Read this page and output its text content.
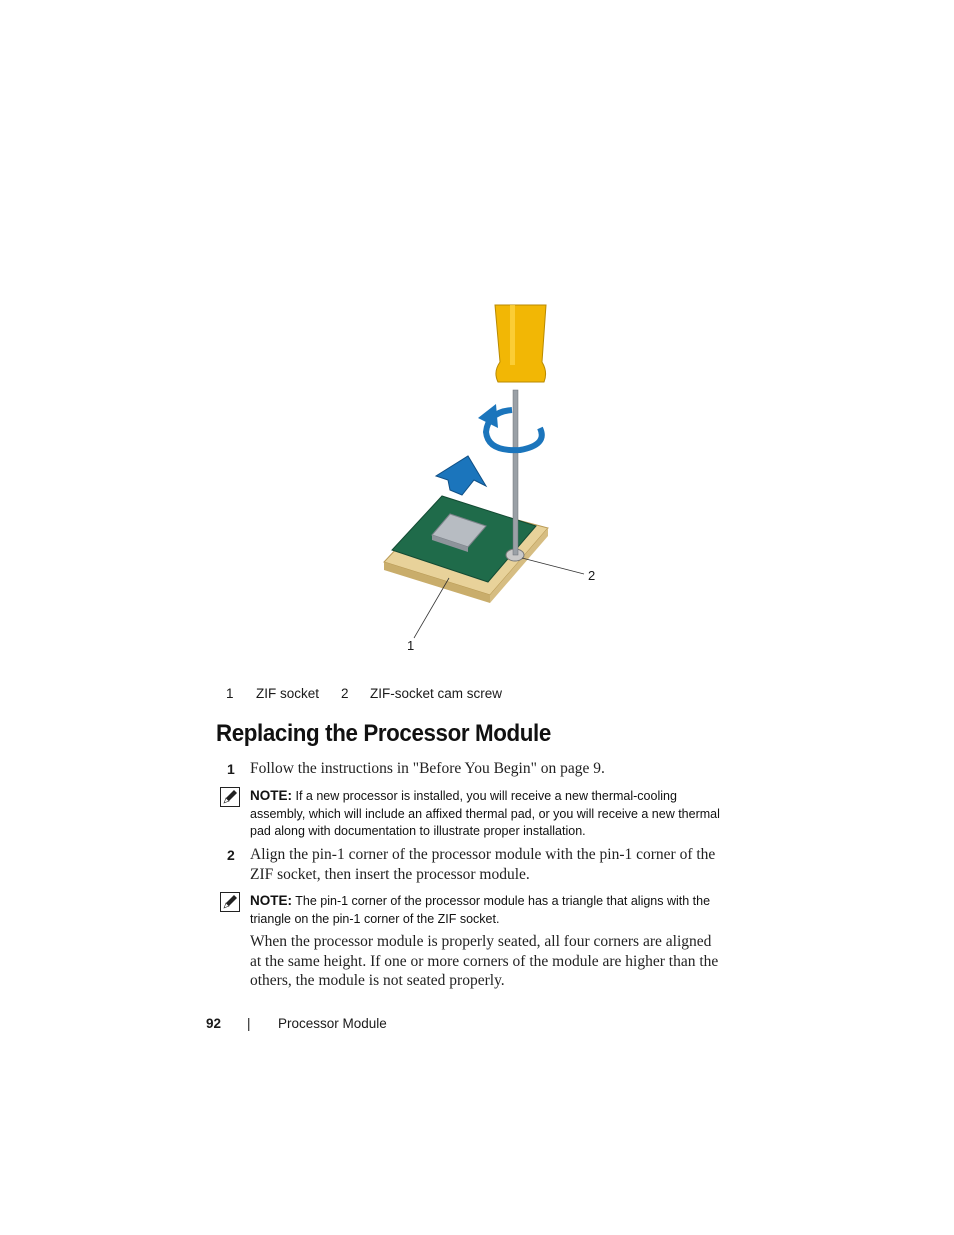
1
2
1 ZIF socket 2 ZIF-socket cam screw
Replacing the Processor Module
1 Follow the instructions in "Before You Begin" on page 9.
NOTE: If a new processor is installed, you will receive a new thermal-cooling assembly, which will include an affixed thermal pad, or you will receive a new thermal pad along with documentation to illustrate proper installation.
2 Align the pin-1 corner of the processor module with the pin-1 corner of the ZIF socket, then insert the processor module.
NOTE: The pin-1 corner of the processor module has a triangle that aligns with the triangle on the pin-1 corner of the ZIF socket.
When the processor module is properly seated, all four corners are aligned at the same height. If one or more corners of the module are higher than the others, the module is not seated properly.
92 | Processor Module
